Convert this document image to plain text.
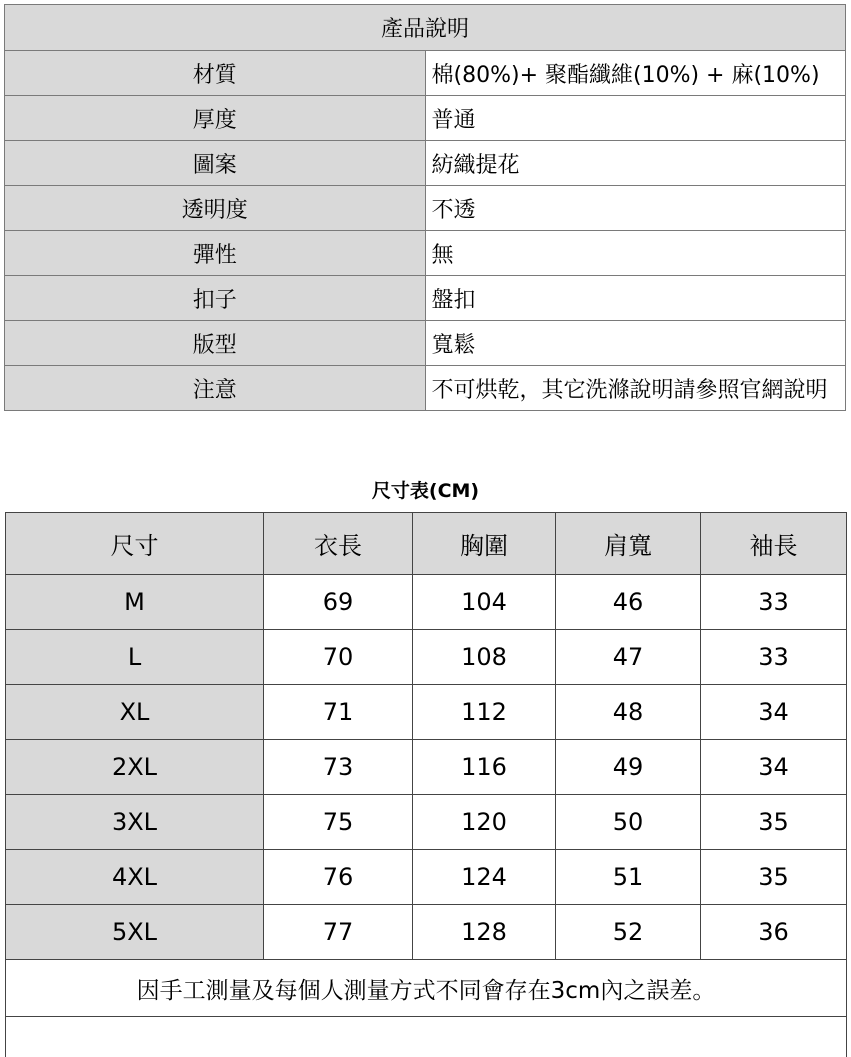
產品說明	
材質	棉(80%)+ 聚酯纖維(10%) + 麻(10%)
厚度	普通
圖案	紡織提花
透明度	不透
彈性	無
扣子	盤扣
版型	寬鬆
注意	不可烘乾，其它洗滌說明請參照官網說明
尺寸表(CM)
尺寸	衣長	胸圍	肩寬	袖長
M	69	104	46	33
L	70	108	47	33
XL	71	112	48	34
2XL	73	116	49	34
3XL	75	120	50	35
4XL	76	124	51	35
5XL	77	128	52	36
因手工測量及每個人測量方式不同會存在3cm內之誤差。				
